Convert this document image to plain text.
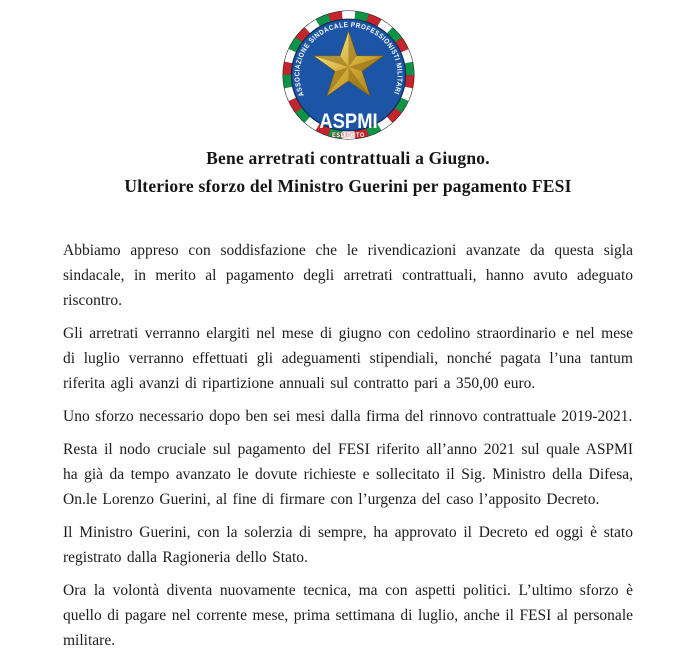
ASSOCIAZIONE SINDACALE PROFESSIONISTI MILITARI
ASPMI
ESERCITO

Bene arretrati contrattuali a Giugno.

Ulteriore sforzo del Ministro Guerini per pagamento FESI

Abbiamo appreso con soddisfazione che le rivendicazioni avanzate da questa sigla sindacale, in merito al pagamento degli arretrati contrattuali, hanno avuto adeguato riscontro.

Gli arretrati verranno elargiti nel mese di giugno con cedolino straordinario e nel mese di luglio verranno effettuati gli adeguamenti stipendiali, nonché pagata l’una tantum riferita agli avanzi di ripartizione annuali sul contratto pari a 350,00 euro.

Uno sforzo necessario dopo ben sei mesi dalla firma del rinnovo contrattuale 2019-2021.

Resta il nodo cruciale sul pagamento del FESI riferito all’anno 2021 sul quale ASPMI ha già da tempo avanzato le dovute richieste e sollecitato il Sig. Ministro della Difesa, On.le Lorenzo Guerini, al fine di firmare con l’urgenza del caso l’apposito Decreto.

Il Ministro Guerini, con la solerzia di sempre, ha approvato il Decreto ed oggi è stato registrato dalla Ragioneria dello Stato.

Ora la volontà diventa nuovamente tecnica, ma con aspetti politici. L’ultimo sforzo è quello di pagare nel corrente mese, prima settimana di luglio, anche il FESI al personale militare.
